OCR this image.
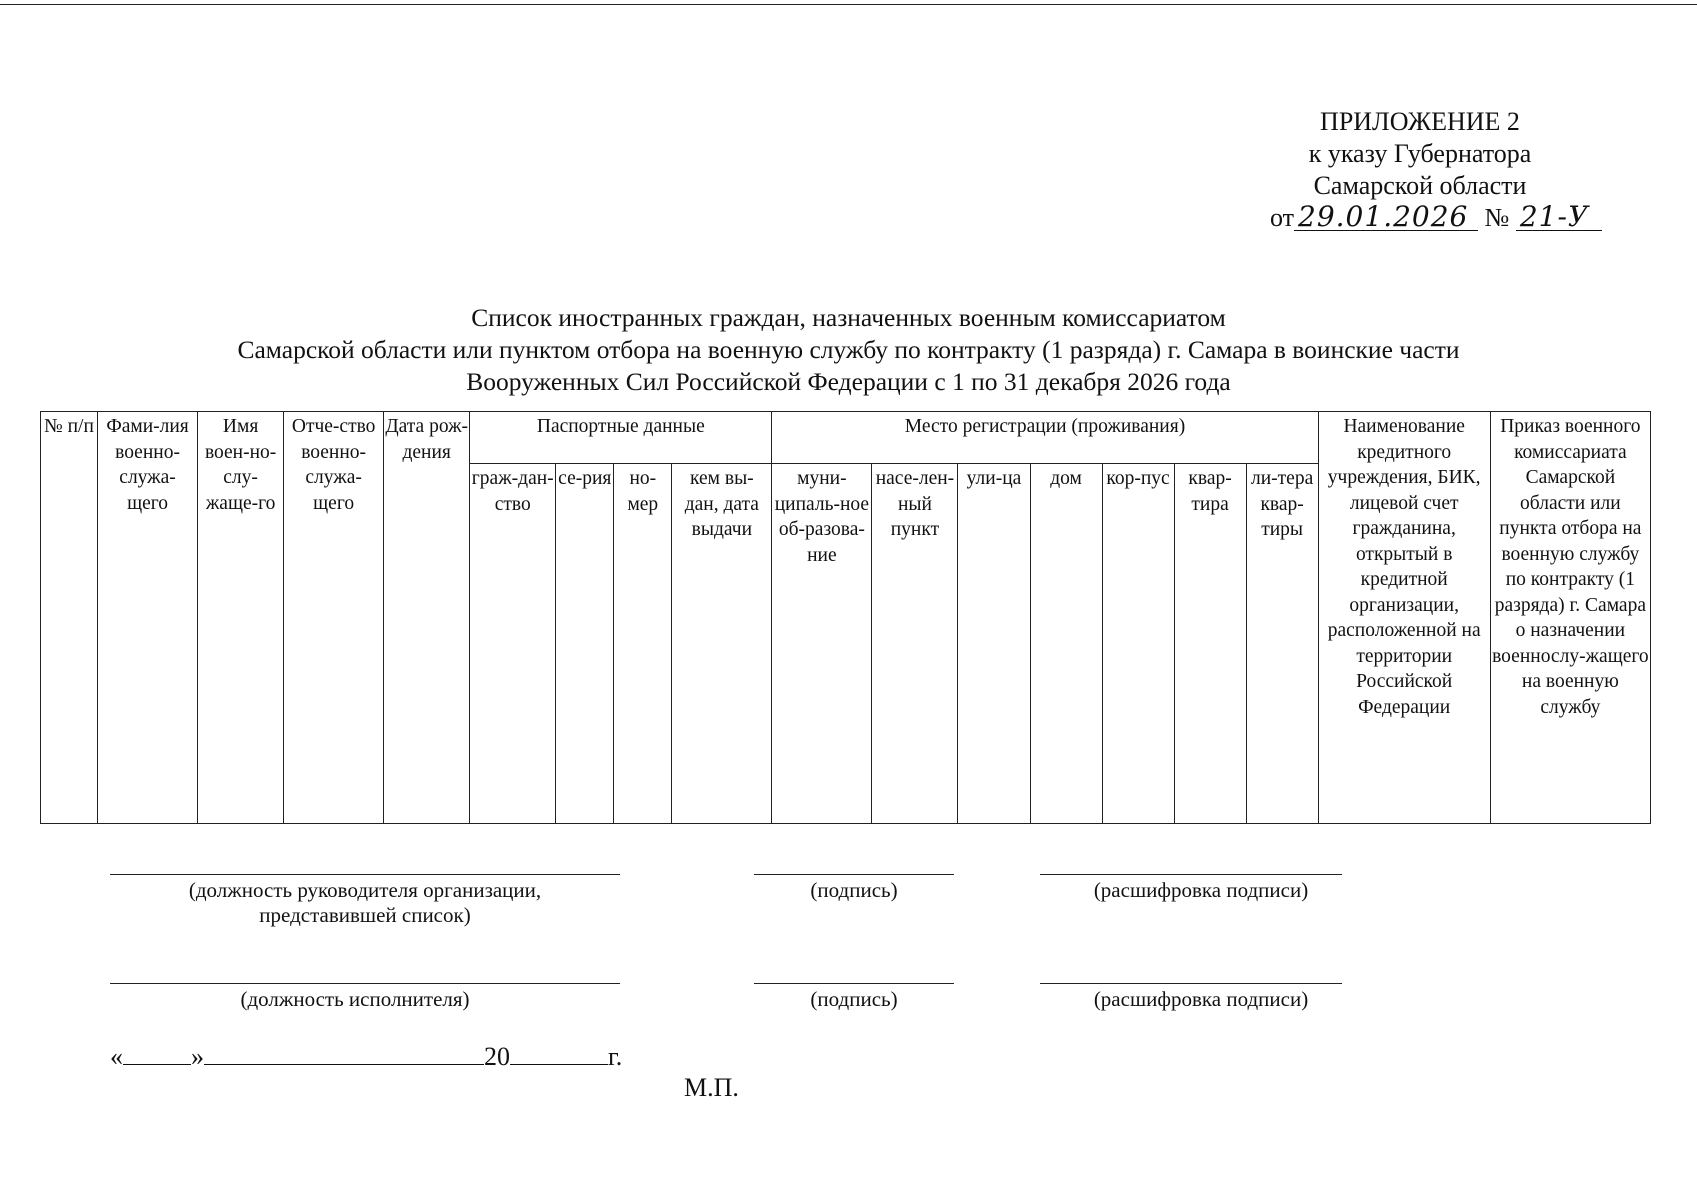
ПРИЛОЖЕНИЕ 2
к указу Губернатора
Самарской области
от 29.01.2026 № 21-У
Список иностранных граждан, назначенных военным комиссариатом
Самарской области или пунктом отбора на военную службу по контракту (1 разряда) г. Самара в воинские части
Вооруженных Сил Российской Федерации с 1 по 31 декабря 2026 года
№ п/п	Фами-лия военно-служа-щего	Имя воен-но-слу-жаще-го	Отче-ство военно-служа-щего	Дата рож-дения	Паспортные данные				Место регистрации (проживания)							Наименование кредитного учреждения, БИК, лицевой счет гражданина, открытый в кредитной организации, расположенной на территории Российской Федерации	Приказ военного комиссариата Самарской области или пункта отбора на военную службу по контракту (1 разряда) г. Самара о назначении военнослу-жащего на военную службу
					граж-дан-ство	се-рия	но-мер	кем вы-дан, дата выдачи	муни-ципаль-ное об-разова-ние	насе-лен-ный пункт	ули-ца	дом	кор-пус	квар-тира	ли-тера квар-тиры		
(должность руководителя организации,
представившей список)
(подпись)	(расшифровка подписи)
(должность исполнителя)	(подпись)	(расшифровка подписи)
«	»	20	г.
М.П.
